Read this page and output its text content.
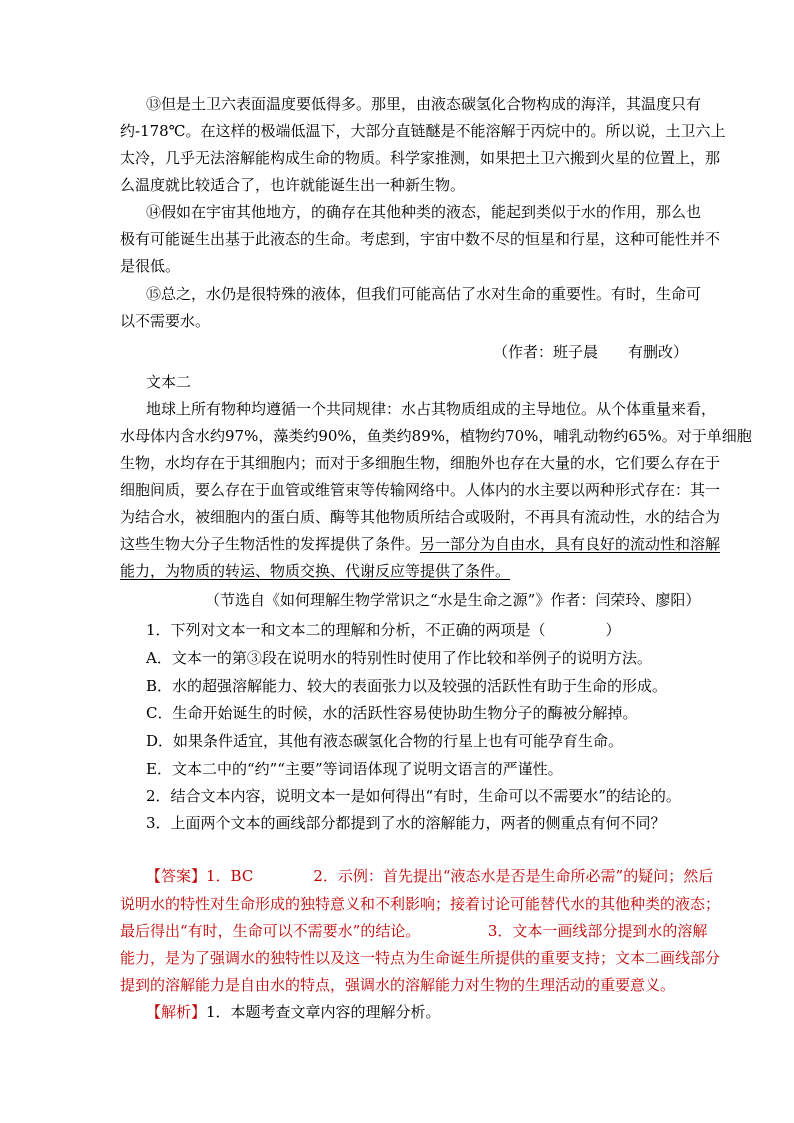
⑬但是土卫六表面温度要低得多。那里，由液态碳氢化合物构成的海洋，其温度只有
约-178℃。在这样的极端低温下，大部分直链醚是不能溶解于丙烷中的。所以说，土卫六上
太冷，几乎无法溶解能构成生命的物质。科学家推测，如果把土卫六搬到火星的位置上，那
么温度就比较适合了，也许就能诞生出一种新生物。
⑭假如在宇宙其他地方，的确存在其他种类的液态，能起到类似于水的作用，那么也
极有可能诞生出基于此液态的生命。考虑到，宇宙中数不尽的恒星和行星，这种可能性并不
是很低。
⑮总之，水仍是很特殊的液体，但我们可能高估了水对生命的重要性。有时，生命可
以不需要水。
（作者：班子晨　　有删改）
文本二
地球上所有物种均遵循一个共同规律：水占其物质组成的主导地位。从个体重量来看，
水母体内含水约97%，藻类约90%，鱼类约89%，植物约70%，哺乳动物约65%。对于单细胞
生物，水均存在于其细胞内；而对于多细胞生物，细胞外也存在大量的水，它们要么存在于
细胞间质，要么存在于血管或维管束等传输网络中。人体内的水主要以两种形式存在：其一
为结合水，被细胞内的蛋白质、酶等其他物质所结合或吸附，不再具有流动性，水的结合为
这些生物大分子生物活性的发挥提供了条件。另一部分为自由水，具有良好的流动性和溶解
能力，为物质的转运、物质交换、代谢反应等提供了条件。
（节选自《如何理解生物学常识之“水是生命之源”》作者：闫荣玲、廖阳）
1．下列对文本一和文本二的理解和分析，不正确的两项是（　　　　）
A．文本一的第③段在说明水的特别性时使用了作比较和举例子的说明方法。
B．水的超强溶解能力、较大的表面张力以及较强的活跃性有助于生命的形成。
C．生命开始诞生的时候，水的活跃性容易使协助生物分子的酶被分解掉。
D．如果条件适宜，其他有液态碳氢化合物的行星上也有可能孕育生命。
E．文本二中的“约”“主要”等词语体现了说明文语言的严谨性。
2．结合文本内容，说明文本一是如何得出“有时，生命可以不需要水”的结论的。
3．上面两个文本的画线部分都提到了水的溶解能力，两者的侧重点有何不同？
【答案】1．BC　　　　2．示例：首先提出“液态水是否是生命所必需”的疑问；然后
说明水的特性对生命形成的独特意义和不利影响；接着讨论可能替代水的其他种类的液态；
最后得出“有时，生命可以不需要水”的结论。　　　　　3．文本一画线部分提到水的溶解
能力，是为了强调水的独特性以及这一特点为生命诞生所提供的重要支持；文本二画线部分
提到的溶解能力是自由水的特点，强调水的溶解能力对生物的生理活动的重要意义。
【解析】1．本题考查文章内容的理解分析。
